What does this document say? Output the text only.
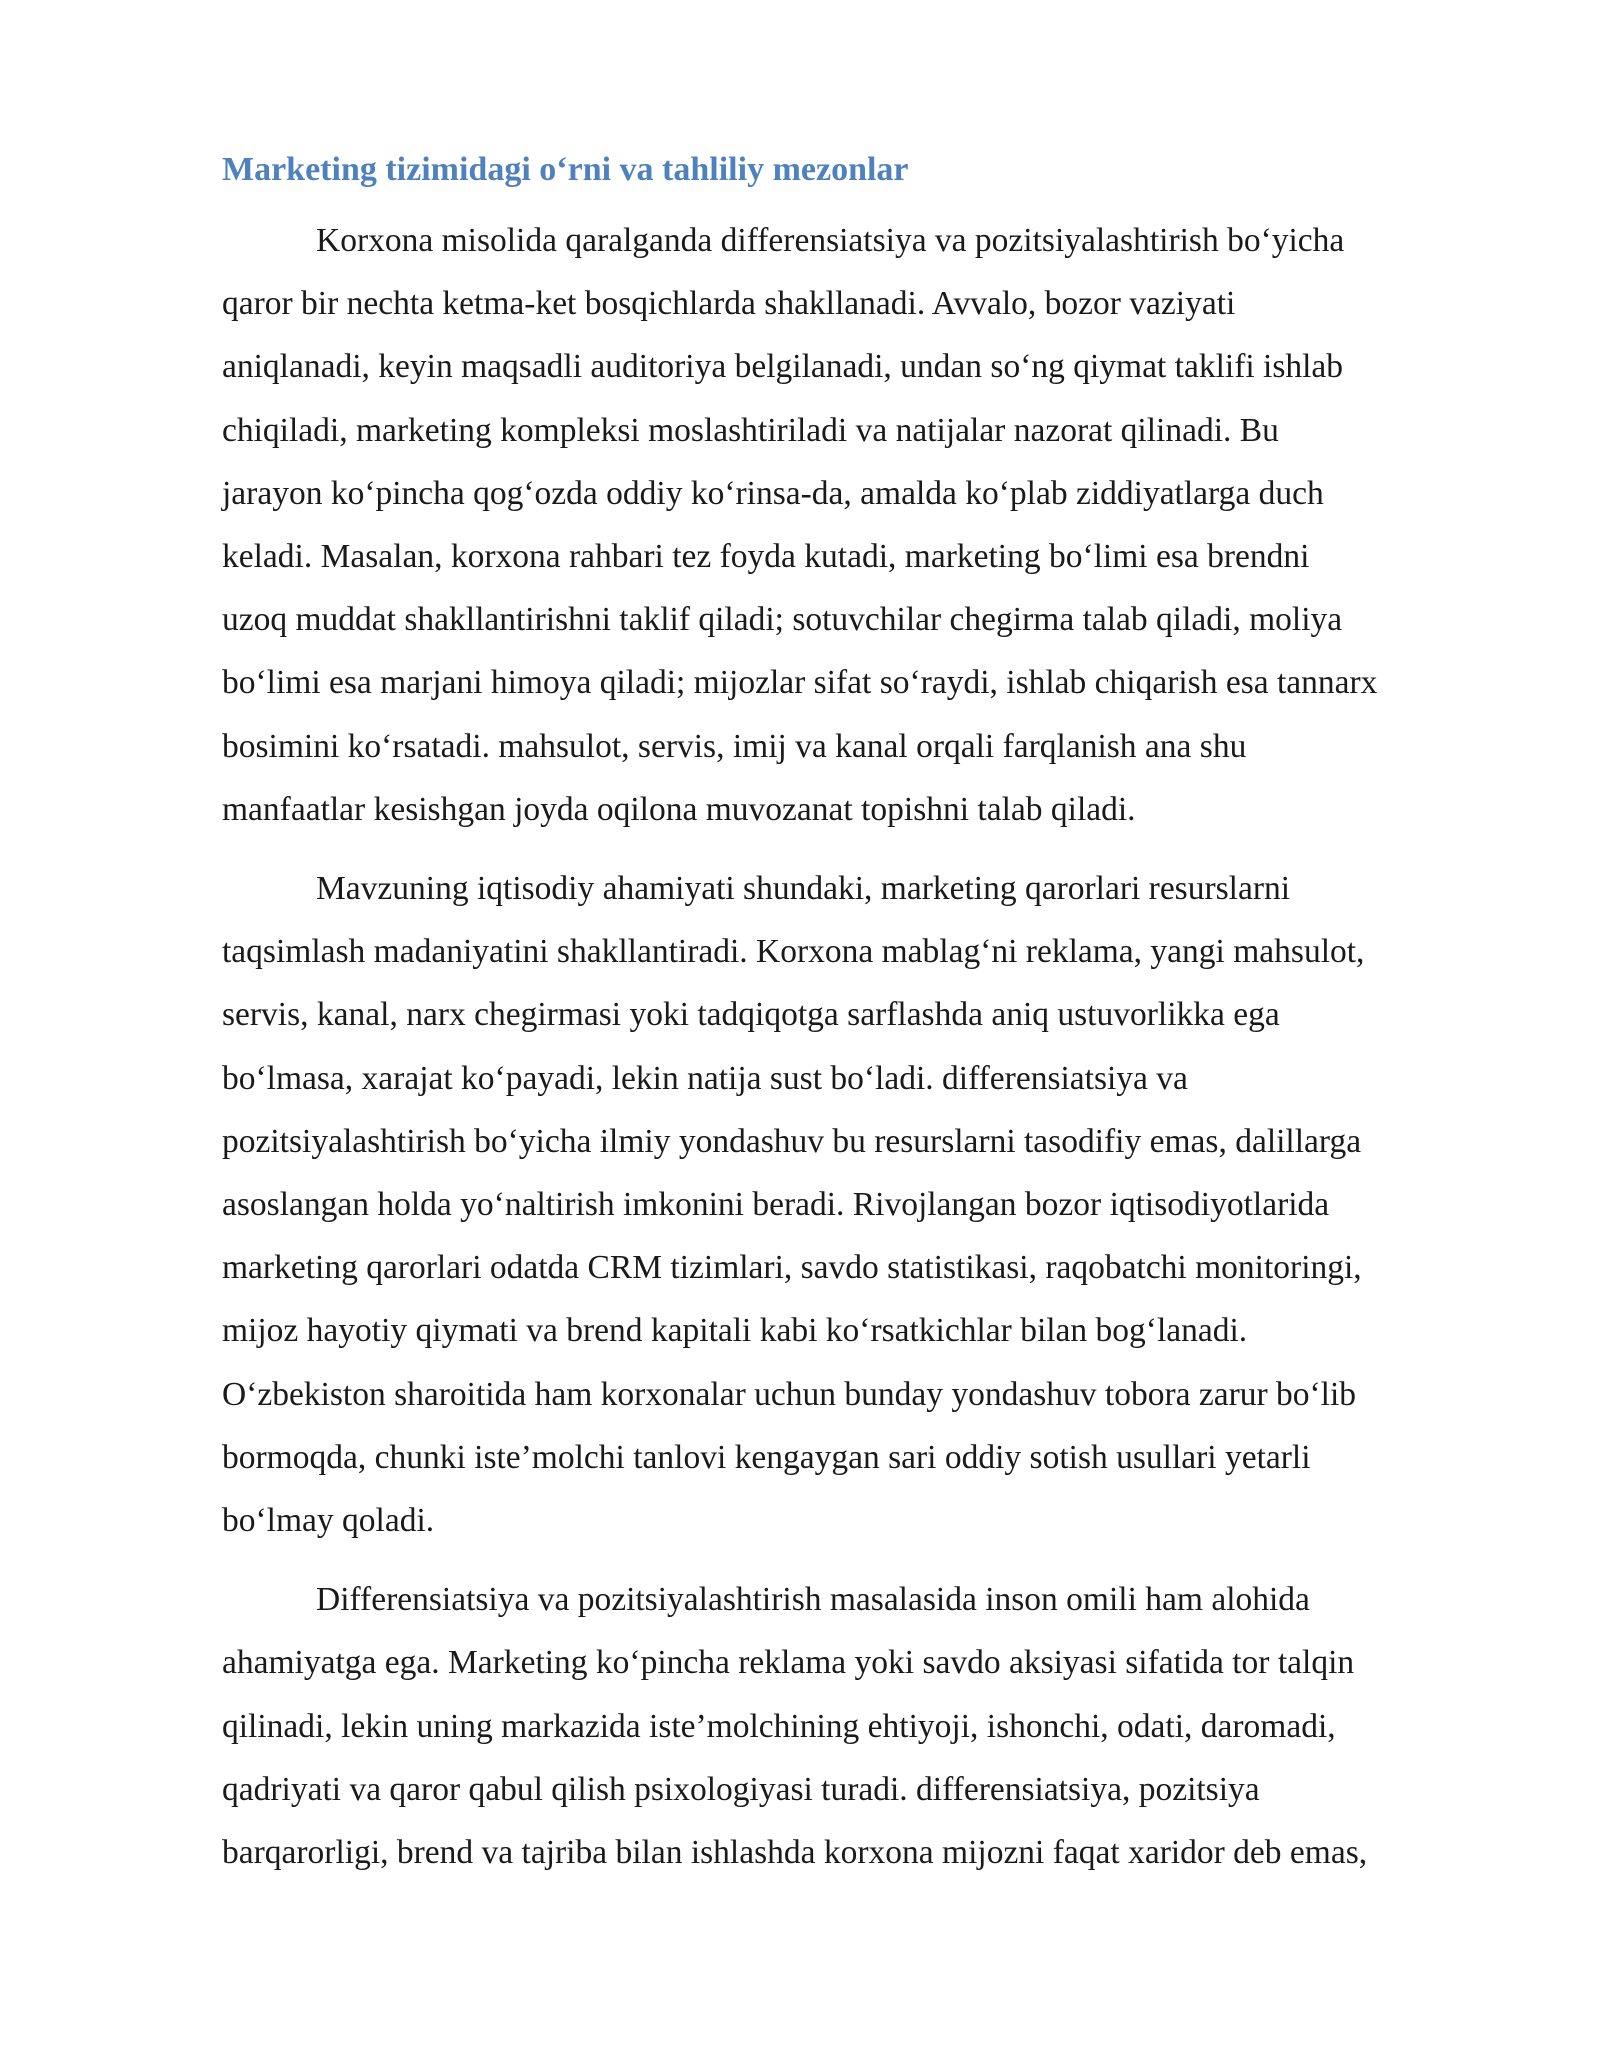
Marketing tizimidagi o‘rni va tahliliy mezonlar
Korxona misolida qaralganda differensiatsiya va pozitsiyalashtirish bo‘yicha
qaror bir nechta ketma-ket bosqichlarda shakllanadi. Avvalo, bozor vaziyati
aniqlanadi, keyin maqsadli auditoriya belgilanadi, undan so‘ng qiymat taklifi ishlab
chiqiladi, marketing kompleksi moslashtiriladi va natijalar nazorat qilinadi. Bu
jarayon ko‘pincha qog‘ozda oddiy ko‘rinsa-da, amalda ko‘plab ziddiyatlarga duch
keladi. Masalan, korxona rahbari tez foyda kutadi, marketing bo‘limi esa brendni
uzoq muddat shakllantirishni taklif qiladi; sotuvchilar chegirma talab qiladi, moliya
bo‘limi esa marjani himoya qiladi; mijozlar sifat so‘raydi, ishlab chiqarish esa tannarx
bosimini ko‘rsatadi. mahsulot, servis, imij va kanal orqali farqlanish ana shu
manfaatlar kesishgan joyda oqilona muvozanat topishni talab qiladi.
Mavzuning iqtisodiy ahamiyati shundaki, marketing qarorlari resurslarni
taqsimlash madaniyatini shakllantiradi. Korxona mablag‘ni reklama, yangi mahsulot,
servis, kanal, narx chegirmasi yoki tadqiqotga sarflashda aniq ustuvorlikka ega
bo‘lmasa, xarajat ko‘payadi, lekin natija sust bo‘ladi. differensiatsiya va
pozitsiyalashtirish bo‘yicha ilmiy yondashuv bu resurslarni tasodifiy emas, dalillarga
asoslangan holda yo‘naltirish imkonini beradi. Rivojlangan bozor iqtisodiyotlarida
marketing qarorlari odatda CRM tizimlari, savdo statistikasi, raqobatchi monitoringi,
mijoz hayotiy qiymati va brend kapitali kabi ko‘rsatkichlar bilan bog‘lanadi.
O‘zbekiston sharoitida ham korxonalar uchun bunday yondashuv tobora zarur bo‘lib
bormoqda, chunki iste’molchi tanlovi kengaygan sari oddiy sotish usullari yetarli
bo‘lmay qoladi.
Differensiatsiya va pozitsiyalashtirish masalasida inson omili ham alohida
ahamiyatga ega. Marketing ko‘pincha reklama yoki savdo aksiyasi sifatida tor talqin
qilinadi, lekin uning markazida iste’molchining ehtiyoji, ishonchi, odati, daromadi,
qadriyati va qaror qabul qilish psixologiyasi turadi. differensiatsiya, pozitsiya
barqarorligi, brend va tajriba bilan ishlashda korxona mijozni faqat xaridor deb emas,
